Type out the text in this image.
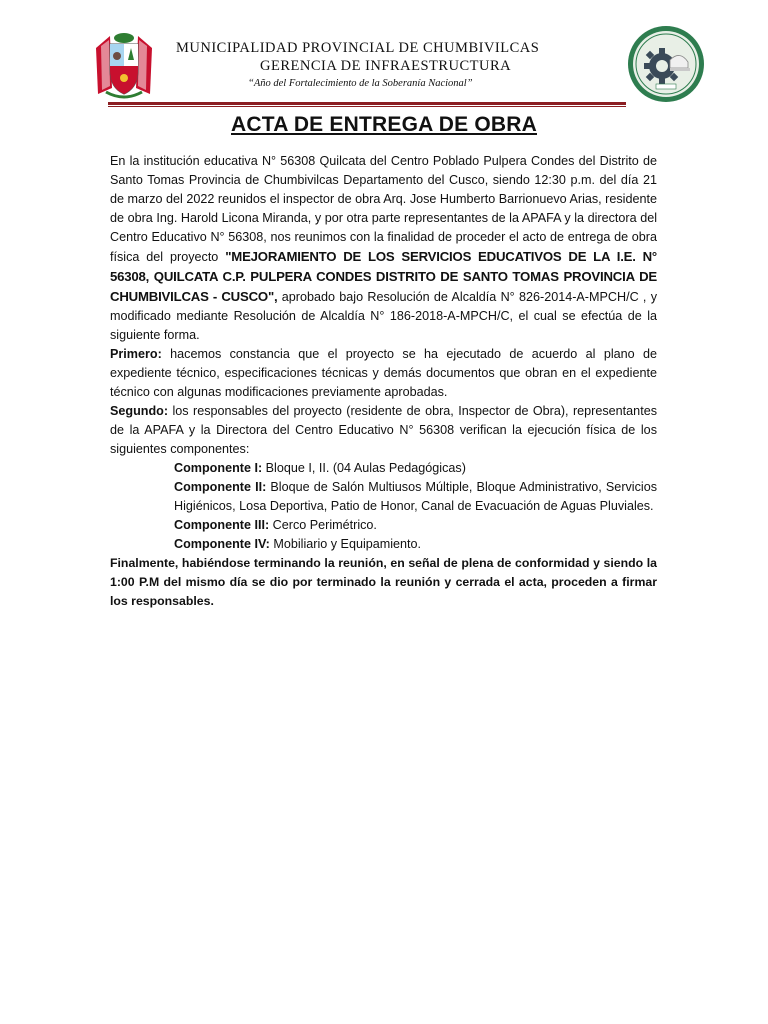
MUNICIPALIDAD PROVINCIAL DE CHUMBIVILCAS
GERENCIA DE INFRAESTRUCTURA
“Año del Fortalecimiento de la Soberanía Nacional”
ACTA DE ENTREGA DE OBRA

En la institución educativa N° 56308 Quilcata del Centro Poblado Pulpera Condes del Distrito de Santo Tomas Provincia de Chumbivilcas Departamento del Cusco, siendo 12:30 p.m. del día 21 de marzo del 2022 reunidos el inspector de obra Arq. Jose Humberto Barrionuevo Arias, residente de obra Ing. Harold Licona Miranda, y por otra parte representantes de la APAFA y la directora del Centro Educativo N° 56308, nos reunimos con la finalidad de proceder el acto de entrega de obra física del proyecto "MEJORAMIENTO DE LOS SERVICIOS EDUCATIVOS DE LA I.E. N° 56308, QUILCATA C.P. PULPERA CONDES DISTRITO DE SANTO TOMAS PROVINCIA DE CHUMBIVILCAS - CUSCO", aprobado bajo Resolución de Alcaldía N° 826-2014-A-MPCH/C , y modificado mediante Resolución de Alcaldía N° 186-2018-A-MPCH/C, el cual se efectúa de la siguiente forma.

Primero: hacemos constancia que el proyecto se ha ejecutado de acuerdo al plano de expediente técnico, especificaciones técnicas y demás documentos que obran en el expediente técnico con algunas modificaciones previamente aprobadas.

Segundo: los responsables del proyecto (residente de obra, Inspector de Obra), representantes de la APAFA y la Directora del Centro Educativo N° 56308 verifican la ejecución física de los siguientes componentes:

Componente I: Bloque I, II. (04 Aulas Pedagógicas)

Componente II: Bloque de Salón Multiusos Múltiple, Bloque Administrativo, Servicios Higiénicos, Losa Deportiva, Patio de Honor, Canal de Evacuación de Aguas Pluviales.

Componente III: Cerco Perimétrico.

Componente IV: Mobiliario y Equipamiento.

Finalmente, habiéndose terminando la reunión, en señal de plena de conformidad y siendo la 1:00 P.M del mismo día se dio por terminado la reunión y cerrada el acta, proceden a firmar los responsables.
